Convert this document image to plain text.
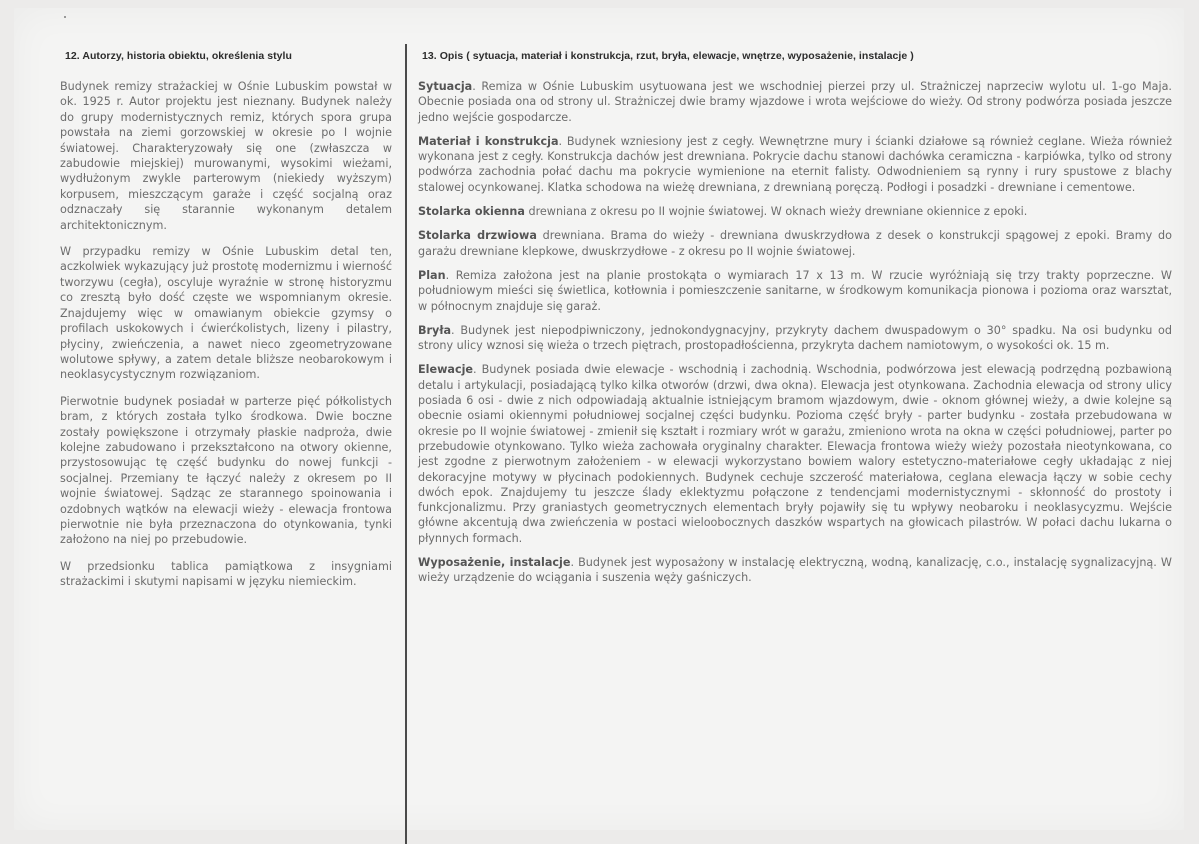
12. Autorzy, historia obiektu, określenia stylu

Budynek remizy strażackiej w Ośnie Lubuskim powstał w ok. 1925 r. Autor projektu jest nieznany. Budynek należy do grupy modernistycznych remiz, których spora grupa powstała na ziemi gorzowskiej w okresie po I wojnie światowej. Charakteryzowały się one (zwłaszcza w zabudowie miejskiej) murowanymi, wysokimi wieżami, wydłużonym zwykle parterowym (niekiedy wyższym) korpusem, mieszczącym garaże i część socjalną oraz odznaczały się starannie wykonanym detalem architektonicznym.

W przypadku remizy w Ośnie Lubuskim detal ten, aczkolwiek wykazujący już prostotę modernizmu i wierność tworzywu (cegła), oscyluje wyraźnie w stronę historyzmu co zresztą było dość częste we wspomnianym okresie. Znajdujemy więc w omawianym obiekcie gzymsy o profilach uskokowych i ćwierćkolistych, lizeny i pilastry, płyciny, zwieńczenia, a nawet nieco zgeometryzowane wolutowe spływy, a zatem detale bliższe neobarokowym i neoklasycystycznym rozwiązaniom.

Pierwotnie budynek posiadał w parterze pięć półkolistych bram, z których została tylko środkowa. Dwie boczne zostały powiększone i otrzymały płaskie nadproża, dwie kolejne zabudowano i przekształcono na otwory okienne, przystosowując tę część budynku do nowej funkcji - socjalnej. Przemiany te łączyć należy z okresem po II wojnie światowej. Sądząc ze starannego spoinowania i ozdobnych wątków na elewacji wieży - elewacja frontowa pierwotnie nie była przeznaczona do otynkowania, tynki założono na niej po przebudowie.

W przedsionku tablica pamiątkowa z insygniami strażackimi i skutymi napisami w języku niemieckim.

13. Opis ( sytuacja, materiał i konstrukcja, rzut, bryła, elewacje, wnętrze, wyposażenie, instalacje )

Sytuacja. Remiza w Ośnie Lubuskim usytuowana jest we wschodniej pierzei przy ul. Strażniczej naprzeciw wylotu ul. 1-go Maja. Obecnie posiada ona od strony ul. Strażniczej dwie bramy wjazdowe i wrota wejściowe do wieży. Od strony podwórza posiada jeszcze jedno wejście gospodarcze.

Materiał i konstrukcja. Budynek wzniesiony jest z cegły. Wewnętrzne mury i ścianki działowe są również ceglane. Wieża również wykonana jest z cegły. Konstrukcja dachów jest drewniana. Pokrycie dachu stanowi dachówka ceramiczna - karpiówka, tylko od strony podwórza zachodnia połać dachu ma pokrycie wymienione na eternit falisty. Odwodnieniem są rynny i rury spustowe z blachy stalowej ocynkowanej. Klatka schodowa na wieżę drewniana, z drewnianą poręczą. Podłogi i posadzki - drewniane i cementowe.

Stolarka okienna drewniana z okresu po II wojnie światowej. W oknach wieży drewniane okiennice z epoki.

Stolarka drzwiowa drewniana. Brama do wieży - drewniana dwuskrzydłowa z desek o konstrukcji spągowej z epoki. Bramy do garażu drewniane klepkowe, dwuskrzydłowe - z okresu po II wojnie światowej.

Plan. Remiza założona jest na planie prostokąta o wymiarach 17 x 13 m. W rzucie wyróżniają się trzy trakty poprzeczne. W południowym mieści się świetlica, kotłownia i pomieszczenie sanitarne, w środkowym komunikacja pionowa i pozioma oraz warsztat, w północnym znajduje się garaż.

Bryła. Budynek jest niepodpiwniczony, jednokondygnacyjny, przykryty dachem dwuspadowym o 30° spadku. Na osi budynku od strony ulicy wznosi się wieża o trzech piętrach, prostopadłościenna, przykryta dachem namiotowym, o wysokości ok. 15 m.

Elewacje. Budynek posiada dwie elewacje - wschodnią i zachodnią. Wschodnia, podwórzowa jest elewacją podrzędną pozbawioną detalu i artykulacji, posiadającą tylko kilka otworów (drzwi, dwa okna). Elewacja jest otynkowana. Zachodnia elewacja od strony ulicy posiada 6 osi - dwie z nich odpowiadają aktualnie istniejącym bramom wjazdowym, dwie - oknom głównej wieży, a dwie kolejne są obecnie osiami okiennymi południowej socjalnej części budynku. Pozioma część bryły - parter budynku - została przebudowana w okresie po II wojnie światowej - zmienił się kształt i rozmiary wrót w garażu, zmieniono wrota na okna w części południowej, parter po przebudowie otynkowano. Tylko wieża zachowała oryginalny charakter. Elewacja frontowa wieży wieży pozostała nieotynkowana, co jest zgodne z pierwotnym założeniem - w elewacji wykorzystano bowiem walory estetyczno-materiałowe cegły układając z niej dekoracyjne motywy w płycinach podokiennych. Budynek cechuje szczerość materiałowa, ceglana elewacja łączy w sobie cechy dwóch epok. Znajdujemy tu jeszcze ślady eklektyzmu połączone z tendencjami modernistycznymi - skłonność do prostoty i funkcjonalizmu. Przy graniastych geometrycznych elementach bryły pojawiły się tu wpływy neobaroku i neoklasycyzmu. Wejście główne akcentują dwa zwieńczenia w postaci wieloobocznych daszków wspartych na głowicach pilastrów. W połaci dachu lukarna o płynnych formach.

Wyposażenie, instalacje. Budynek jest wyposażony w instalację elektryczną, wodną, kanalizację, c.o., instalację sygnalizacyjną. W wieży urządzenie do wciągania i suszenia węży gaśniczych.
